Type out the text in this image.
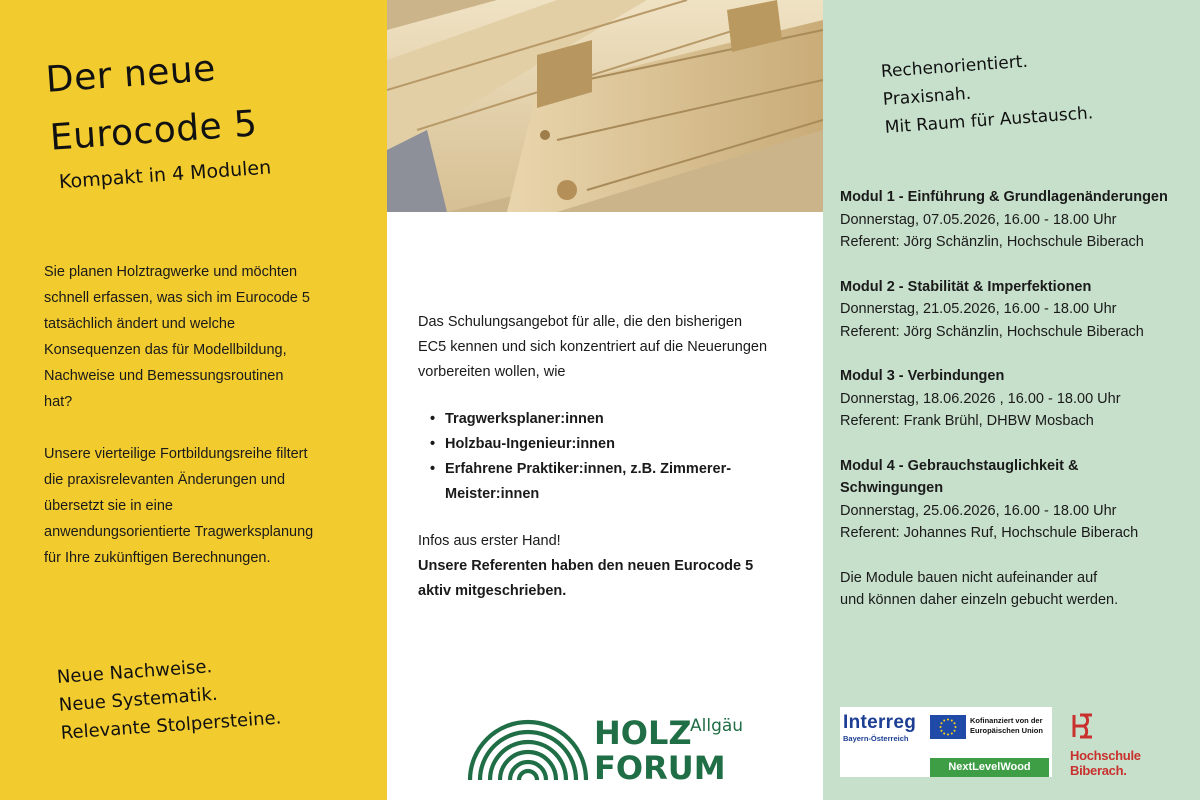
Der neue
Eurocode 5
Kompakt in 4 Modulen

Sie planen Holztragwerke und möchten schnell erfassen, was sich im Eurocode 5 tatsächlich ändert und welche Konsequenzen das für Modellbildung, Nachweise und Bemessungsroutinen hat?

Unsere vierteilige Fortbildungsreihe filtert die praxisrelevanten Änderungen und übersetzt sie in eine anwendungsorientierte Tragwerksplanung für Ihre zukünftigen Berechnungen.

Neue Nachweise.
Neue Systematik.
Relevante Stolpersteine.

Das Schulungsangebot für alle, die den bisherigen EC5 kennen und sich konzentriert auf die Neuerungen vorbereiten wollen, wie

• Tragwerksplaner:innen
• Holzbau-Ingenieur:innen
• Erfahrene Praktiker:innen, z.B. Zimmerer-Meister:innen

Infos aus erster Hand!

Unsere Referenten haben den neuen Eurocode 5 aktiv mitgeschrieben.

HOLZ
Allgäu
FORUM
Rechenorientiert.
Praxisnah.
Mit Raum für Austausch.
Modul 1 - Einführung & Grundlagenänderungen
Donnerstag, 07.05.2026, 16.00 - 18.00 Uhr
Referent: Jörg Schänzlin, Hochschule Biberach
Modul 2 - Stabilität & Imperfektionen
Donnerstag, 21.05.2026, 16.00 - 18.00 Uhr
Referent: Jörg Schänzlin, Hochschule Biberach
Modul 3 - Verbindungen
Donnerstag, 18.06.2026 , 16.00 - 18.00 Uhr
Referent: Frank Brühl, DHBW Mosbach
Modul 4 - Gebrauchstauglichkeit & Schwingungen
Donnerstag, 25.06.2026, 16.00 - 18.00 Uhr
Referent: Johannes Ruf, Hochschule Biberach
Die Module bauen nicht aufeinander auf
und können daher einzeln gebucht werden.
Interreg
Bayern-Österreich
Kofinanziert von der
Europäischen Union
NextLevelWood
Hochschule
Biberach.
